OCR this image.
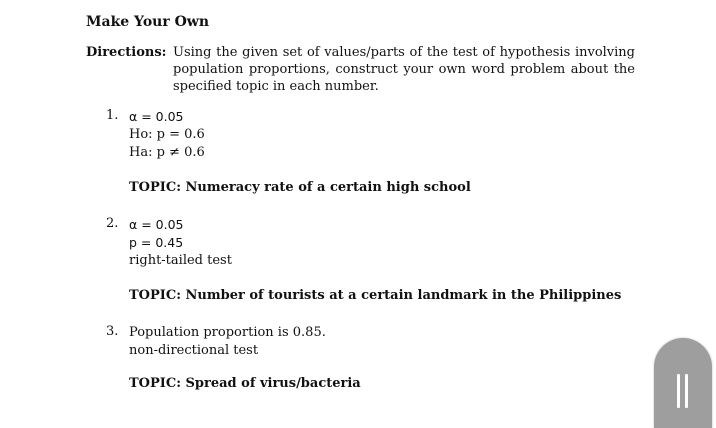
Make Your Own
Directions: Using the given set of values/parts of the test of hypothesis involving population proportions, construct your own word problem about the specified topic in each number.
1. α = 0.05
Ho: p = 0.6
Ha: p ≠ 0.6
TOPIC: Numeracy rate of a certain high school
2. α = 0.05
p = 0.45
right-tailed test
TOPIC: Number of tourists at a certain landmark in the Philippines
3. Population proportion is 0.85.
non-directional test
TOPIC: Spread of virus/bacteria
